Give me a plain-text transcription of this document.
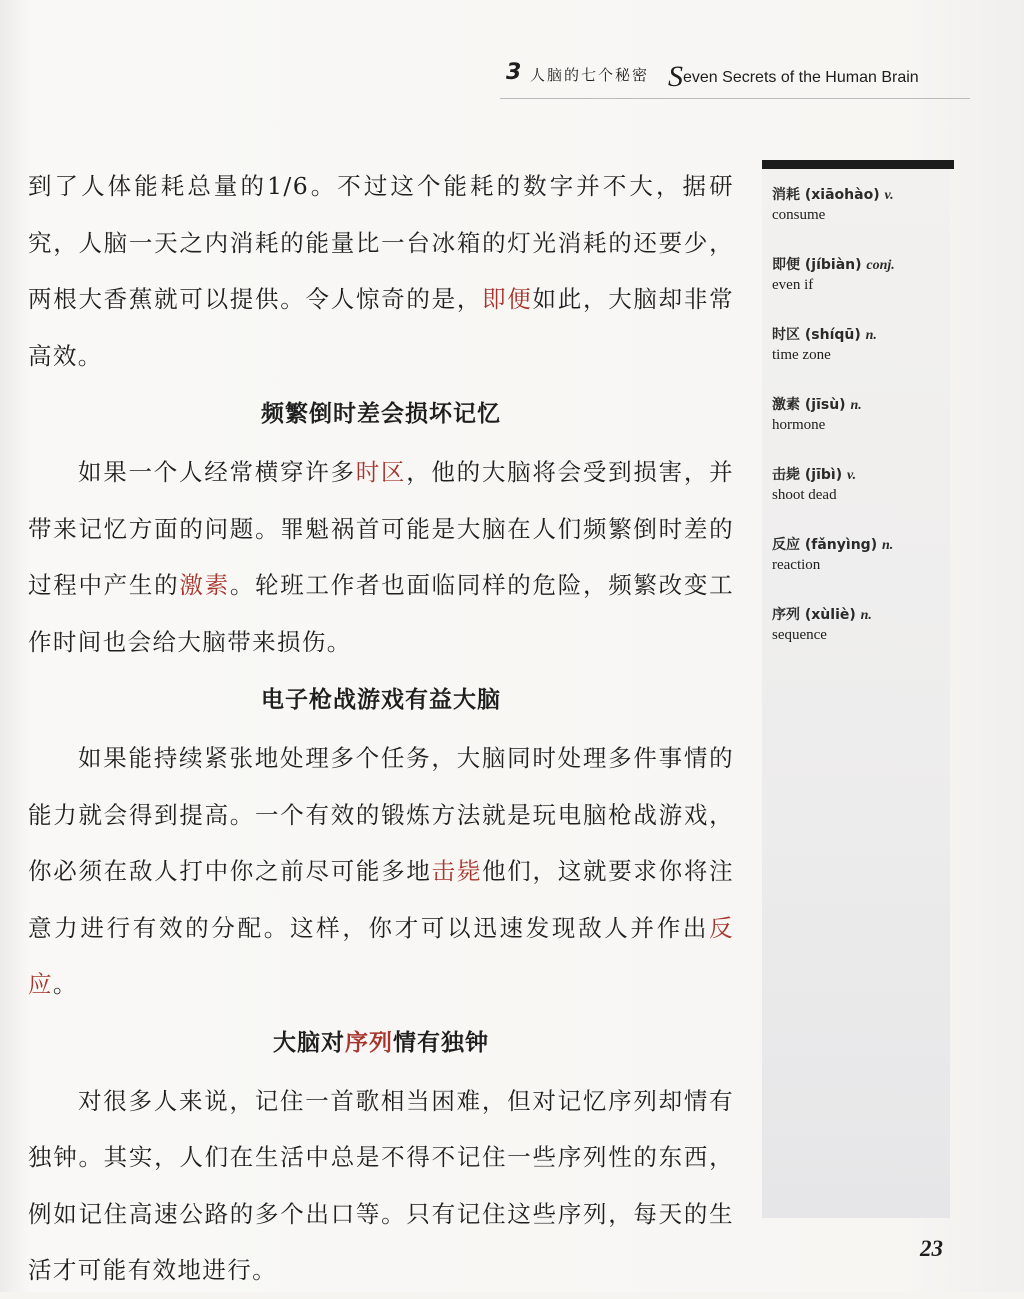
3 人脑的七个秘密 Seven Secrets of the Human Brain

到了人体能耗总量的1/6。不过这个能耗的数字并不大，据研究，人脑一天之内消耗的能量比一台冰箱的灯光消耗的还要少，两根大香蕉就可以提供。令人惊奇的是，即便如此，大脑却非常高效。

频繁倒时差会损坏记忆

如果一个人经常横穿许多时区，他的大脑将会受到损害，并带来记忆方面的问题。罪魁祸首可能是大脑在人们频繁倒时差的过程中产生的激素。轮班工作者也面临同样的危险，频繁改变工作时间也会给大脑带来损伤。

电子枪战游戏有益大脑

如果能持续紧张地处理多个任务，大脑同时处理多件事情的能力就会得到提高。一个有效的锻炼方法就是玩电脑枪战游戏，你必须在敌人打中你之前尽可能多地击毙他们，这就要求你将注意力进行有效的分配。这样，你才可以迅速发现敌人并作出反应。

大脑对序列情有独钟

对很多人来说，记住一首歌相当困难，但对记忆序列却情有独钟。其实，人们在生活中总是不得不记住一些序列性的东西，例如记住高速公路的多个出口等。只有记住这些序列，每天的生活才可能有效地进行。

消耗 (xiāohào) v.
consume
即便 (jíbiàn) conj.
even if
时区 (shíqū) n.
time zone
激素 (jīsù) n.
hormone
击毙 (jībì) v.
shoot dead
反应 (fǎnyìng) n.
reaction
序列 (xùliè) n.
sequence
23
